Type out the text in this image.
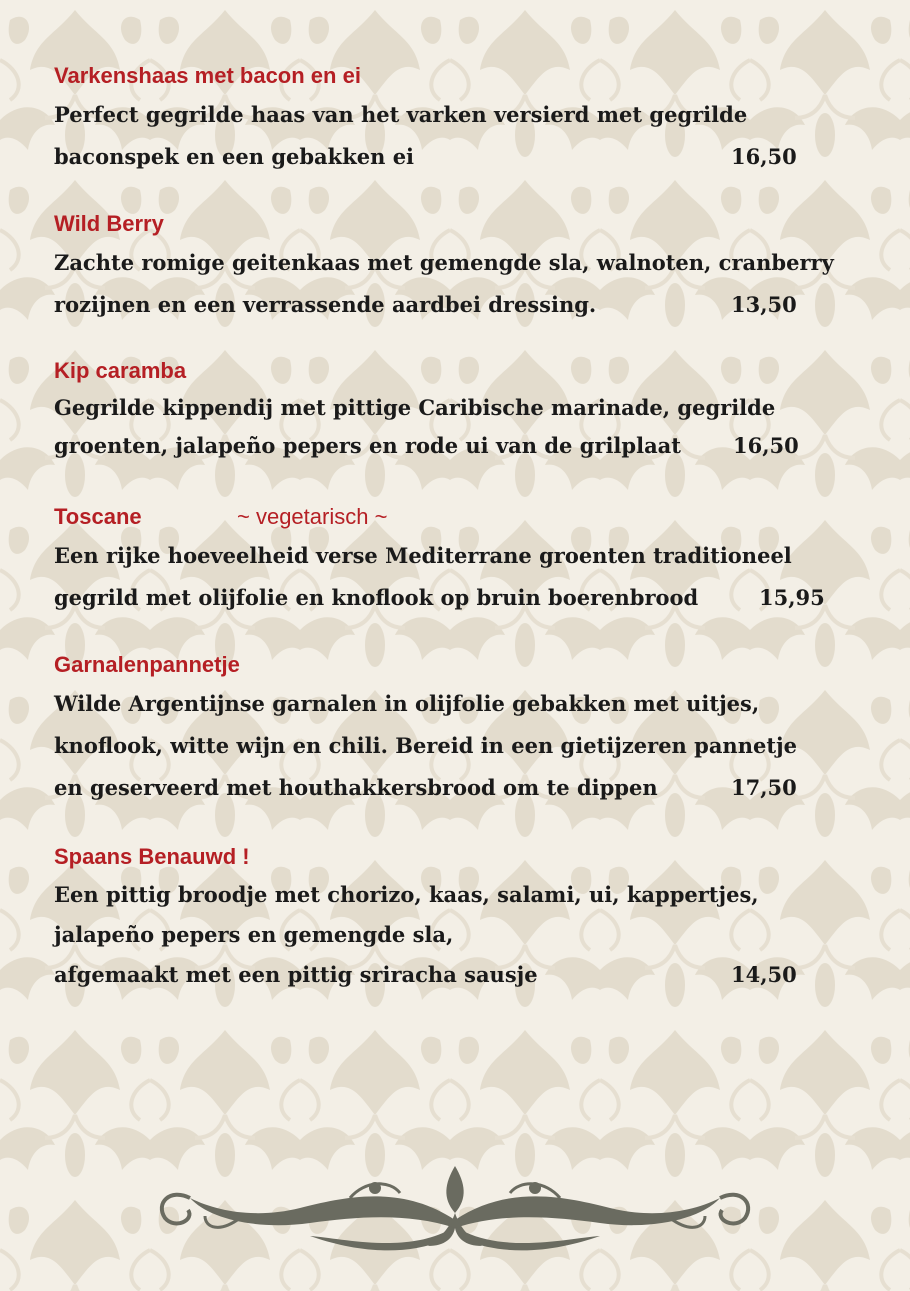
Varkenshaas met bacon en ei
Perfect gegrilde haas van het varken versierd met gegrilde
baconspek en een gebakken ei	16,50
Wild Berry
Zachte romige geitenkaas met gemengde sla, walnoten, cranberry
rozijnen en een verrassende aardbei dressing.	13,50
Kip caramba
Gegrilde kippendij met pittige Caribische marinade, gegrilde
groenten, jalapeño pepers en rode ui van de grilplaat 16,50
Toscane	~ vegetarisch ~
Een rijke hoeveelheid verse Mediterrane groenten traditioneel
gegrild met olijfolie en knoflook op bruin boerenbrood	15,95
Garnalenpannetje
Wilde Argentijnse garnalen in olijfolie gebakken met uitjes,
knoflook, witte wijn en chili. Bereid in een gietijzeren pannetje
en geserveerd met houthakkersbrood om te dippen	17,50
Spaans Benauwd !
Een pittig broodje met chorizo, kaas, salami, ui, kappertjes,
jalapeño pepers en gemengde sla,
afgemaakt met een pittig sriracha sausje	14,50
